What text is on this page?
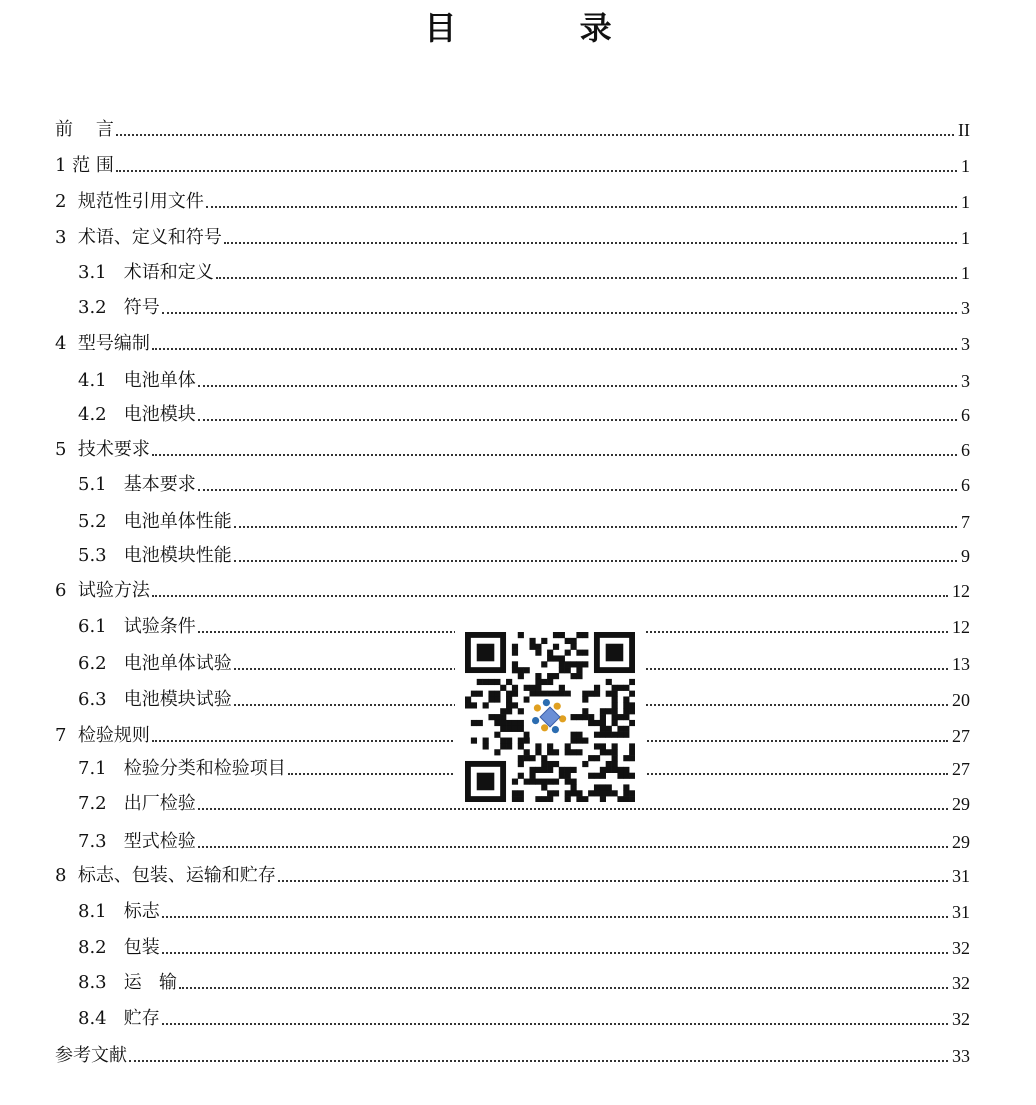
目 录
前    言	II
1 范 围	1
2  规范性引用文件	1
3  术语、定义和符号	1
3.1   术语和定义	1
3.2   符号	3
4  型号编制	3
4.1   电池单体	3
4.2   电池模块	6
5  技术要求	6
5.1   基本要求	6
5.2   电池单体性能	7
5.3   电池模块性能	9
6  试验方法	12
6.1   试验条件	12
6.2   电池单体试验	13
6.3   电池模块试验	20
7  检验规则	27
7.1   检验分类和检验项目	27
7.2   出厂检验	29
7.3   型式检验	29
8  标志、包装、运输和贮存	31
8.1   标志	31
8.2   包装	32
8.3   运   输	32
8.4   贮存	32
参考文献	33
